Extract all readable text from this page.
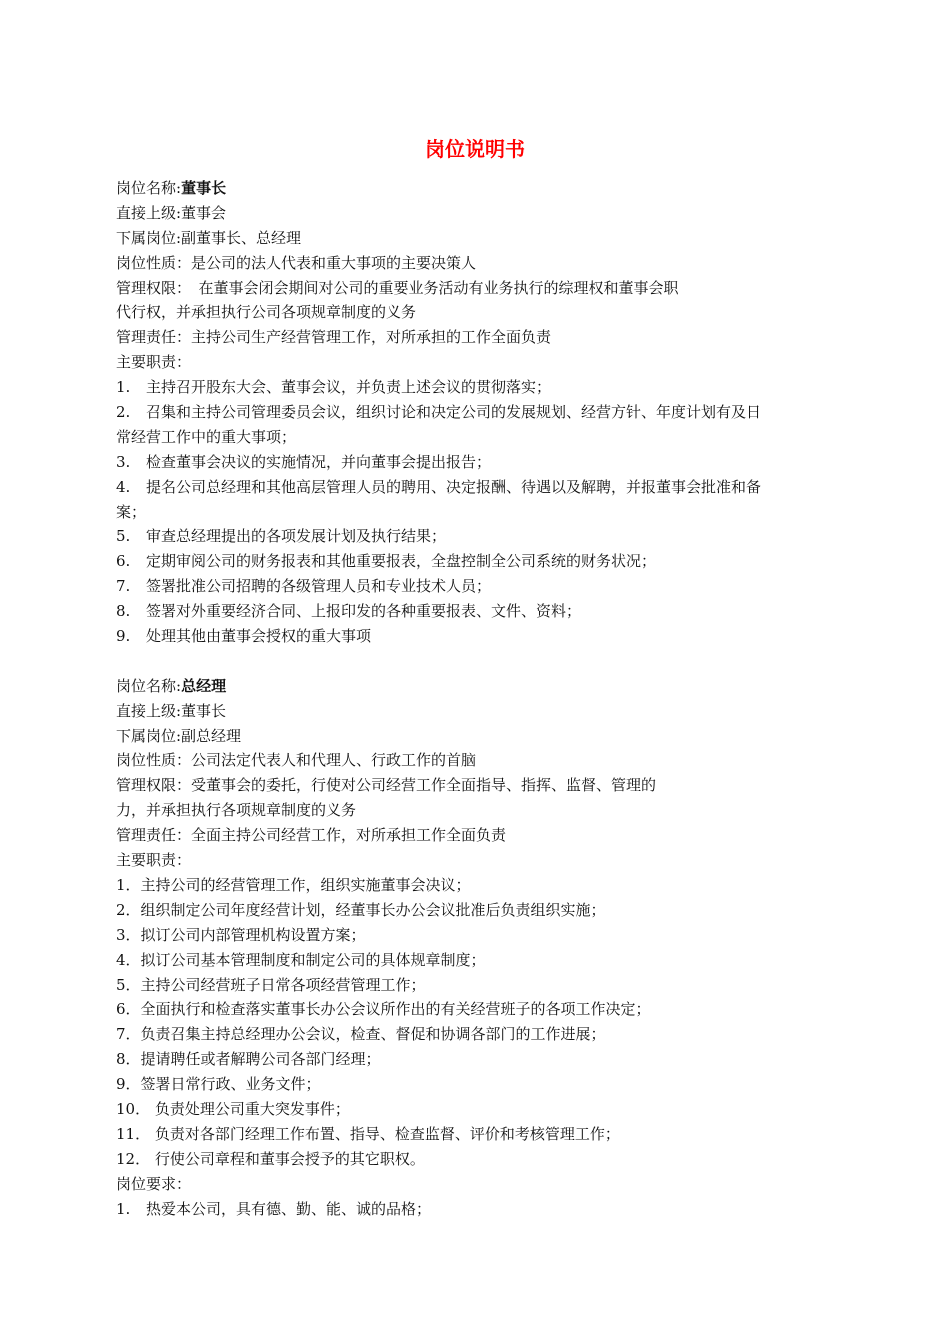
岗位说明书
岗位名称:董事长
直接上级:董事会
下属岗位:副董事长、总经理
岗位性质：是公司的法人代表和重大事项的主要决策人
管理权限：　在董事会闭会期间对公司的重要业务活动有业务执行的综理权和董事会职
代行权，并承担执行公司各项规章制度的义务
管理责任：主持公司生产经营管理工作，对所承担的工作全面负责
主要职责：
1. 主持召开股东大会、董事会议，并负责上述会议的贯彻落实；
2. 召集和主持公司管理委员会议，组织讨论和决定公司的发展规划、经营方针、年度计划有及日
常经营工作中的重大事项；
3. 检查董事会决议的实施情况，并向董事会提出报告；
4. 提名公司总经理和其他高层管理人员的聘用、决定报酬、待遇以及解聘，并报董事会批准和备
案；
5. 审查总经理提出的各项发展计划及执行结果；
6. 定期审阅公司的财务报表和其他重要报表，全盘控制全公司系统的财务状况；
7. 签署批准公司招聘的各级管理人员和专业技术人员；
8. 签署对外重要经济合同、上报印发的各种重要报表、文件、资料；
9. 处理其他由董事会授权的重大事项
岗位名称:总经理
直接上级:董事长
下属岗位:副总经理
岗位性质：公司法定代表人和代理人、行政工作的首脑
管理权限：受董事会的委托，行使对公司经营工作全面指导、指挥、监督、管理的
力，并承担执行各项规章制度的义务
管理责任：全面主持公司经营工作，对所承担工作全面负责
主要职责：
1．主持公司的经营管理工作，组织实施董事会决议；
2．组织制定公司年度经营计划，经董事长办公会议批准后负责组织实施；
3．拟订公司内部管理机构设置方案；
4．拟订公司基本管理制度和制定公司的具体规章制度；
5．主持公司经营班子日常各项经营管理工作；
6．全面执行和检查落实董事长办公会议所作出的有关经营班子的各项工作决定；
7．负责召集主持总经理办公会议，检查、督促和协调各部门的工作进展；
8．提请聘任或者解聘公司各部门经理；
9．签署日常行政、业务文件；
10． 负责处理公司重大突发事件；
11． 负责对各部门经理工作布置、指导、检查监督、评价和考核管理工作；
12． 行使公司章程和董事会授予的其它职权。
岗位要求：
1. 热爱本公司，具有德、勤、能、诚的品格；
